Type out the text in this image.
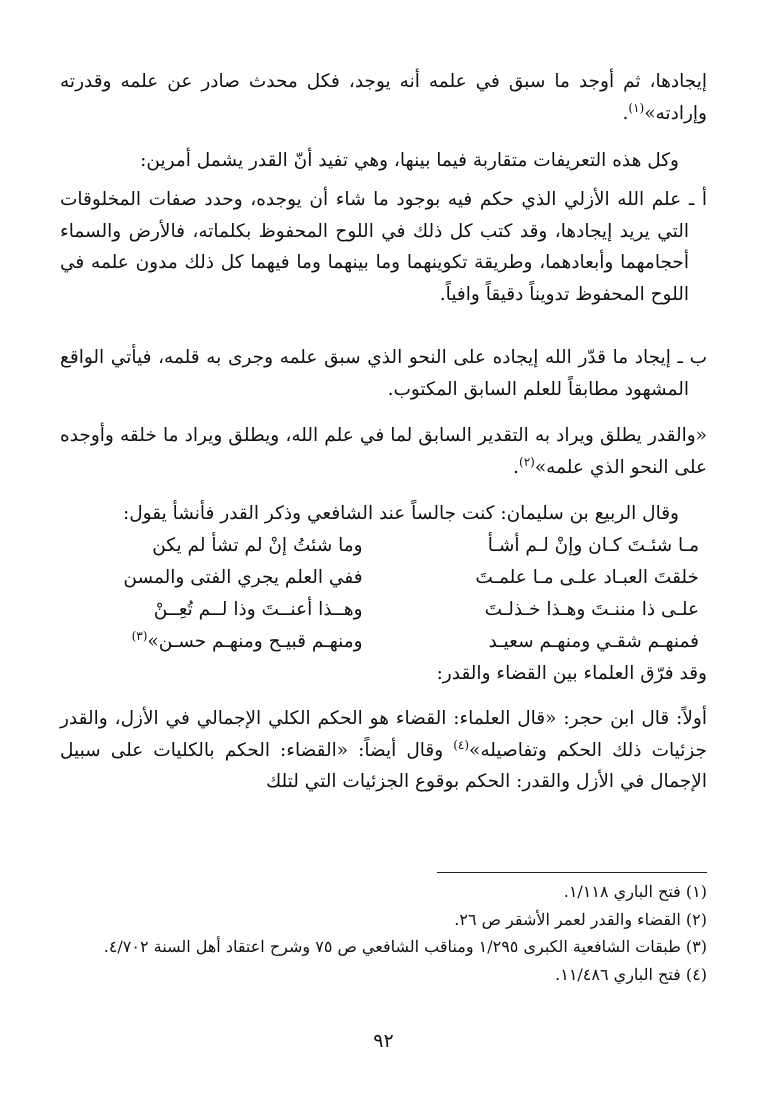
إيجادها، ثم أوجد ما سبق في علمه أنه يوجد، فكل محدث صادر عن علمه وقدرته وإرادته»$^{(١)}$.

وكل هذه التعريفات متقاربة فيما بينها، وهي تفيد أنّ القدر يشمل أمرين:

أ ـ علم الله الأزلي الذي حكم فيه بوجود ما شاء أن يوجده، وحدد صفات المخلوقات التي يريد إيجادها، وقد كتب كل ذلك في اللوح المحفوظ بكلماته، فالأرض والسماء أحجامهما وأبعادهما، وطريقة تكوينهما وما بينهما وما فيهما كل ذلك مدون علمه في اللوح المحفوظ تدويناً دقيقاً وافياً.

ب ـ إيجاد ما قدّر الله إيجاده على النحو الذي سبق علمه وجرى به قلمه، فيأتي الواقع المشهود مطابقاً للعلم السابق المكتوب.

«والقدر يطلق ويراد به التقدير السابق لما في علم الله، ويطلق ويراد ما خلقه وأوجده على النحو الذي علمه»$^{(٢)}$.

وقال الربيع بن سليمان: كنت جالساً عند الشافعي وذكر القدر فأنشأ يقول:

مـا شئـتَ كـان وإنْ لـم أشـأ	وما شئتُ إنْ لم تشأ لم يكن
خلقتَ العبـاد علـى مـا علمـتَ	ففي العلم يجري الفتى والمسن
علـى ذا مننـتَ وهـذا خـذلـتَ	وهــذا أعنــتَ وذا لــم تُعِــنْ
فمنهـم شقـي ومنهـم سعيـد	ومنهـم قبيـح ومنهـم حسـن»$^{(٣)}$

وقد فرّق العلماء بين القضاء والقدر:

أولاً: قال ابن حجر: «قال العلماء: القضاء هو الحكم الكلي الإجمالي في الأزل، والقدر جزئيات ذلك الحكم وتفاصيله»$^{(٤)}$ وقال أيضاً: «القضاء: الحكم بالكليات على سبيل الإجمال في الأزل والقدر: الحكم بوقوع الجزئيات التي لتلك

(١) فتح الباري ١/١١٨.
(٢) القضاء والقدر لعمر الأشقر ص ٢٦.
(٣) طبقات الشافعية الكبرى ١/٢٩٥ ومناقب الشافعي ص ٧٥ وشرح اعتقاد أهل السنة ٤/٧٠٢.
(٤) فتح الباري ١١/٤٨٦.
٩٢
